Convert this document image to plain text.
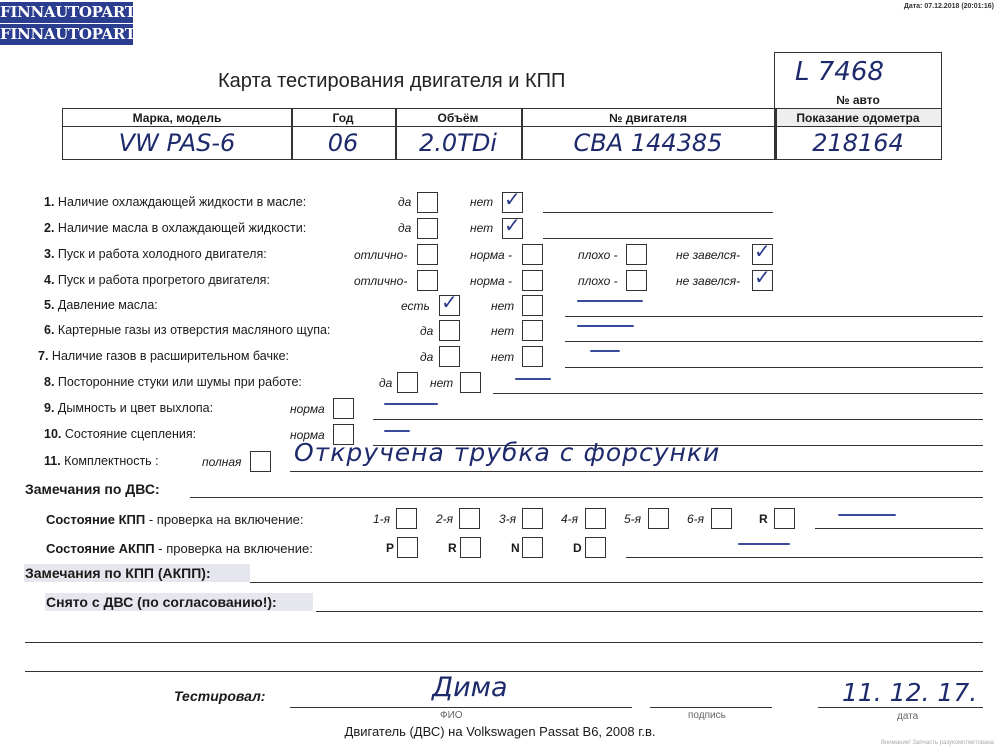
FINNAUTOPARTS
FINNAUTOPARTS
Дата: 07.12.2018 (20:01:16)
Карта тестирования двигателя и КПП	L 7468
№ авто
Марка, модель	Год	Объём	№ двигателя	Показание одометра
VW PAS-6	06	2.0TDi	CBA 144385	218164
1. Наличие охлаждающей жидкости в масле:	да	нет ✓
2. Наличие масла в охлаждающей жидкости:	да	нет ✓
3. Пуск и работа холодного двигателя:	отлично-	норма -	плохо -	не завелся- ✓
4. Пуск и работа прогретого двигателя:	отлично-	норма -	плохо -	не завелся- ✓
5. Давление масла:	есть ✓	нет
6. Картерные газы из отверстия масляного щупа:	да	нет
7. Наличие газов в расширительном бачке:	да	нет
8. Посторонние стуки или шумы при работе:	да	нет
9. Дымность и цвет выхлопа:	норма
10. Состояние сцепления:	норма
11. Комплектность :	полная Откручена трубка с форсунки
Замечания по ДВС:
Состояние КПП - проверка на включение:	1-я	2-я	3-я	4-я	5-я	6-я	R
Состояние АКПП - проверка на включение:	P	R	N	D
Замечания по КПП (АКПП):
Снято с ДВС (по согласованию!):
Тестировал:	Дима	11. 12. 17.
ФИО	подпись	дата
Двигатель (ДВС) на Volkswagen Passat B6, 2008 г.в.
Внимание! Запчасть разукомплектована
